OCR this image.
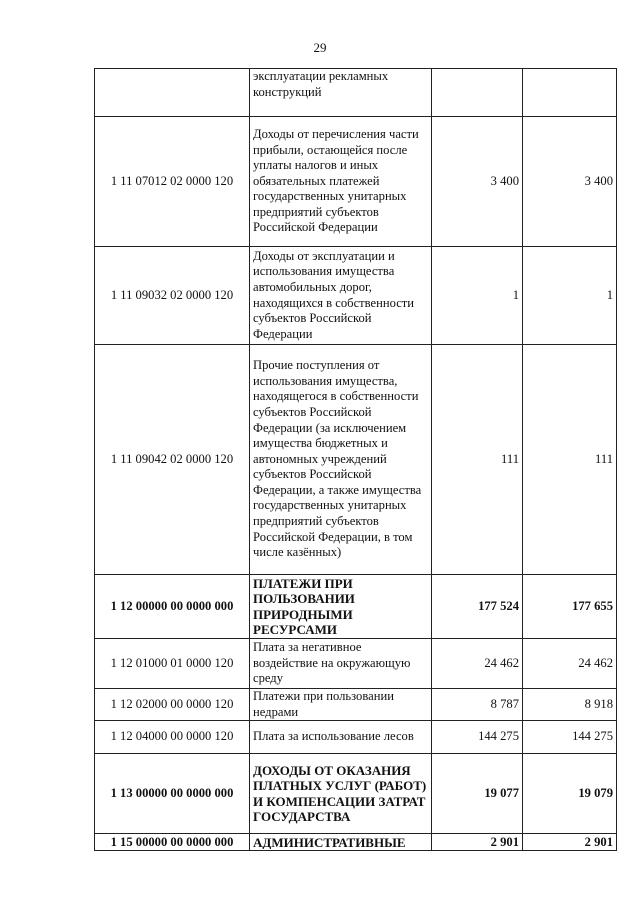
29
	эксплуатации рекламных конструкций		
1 11 07012 02 0000 120	Доходы от перечисления части прибыли, остающейся после уплаты налогов и иных обязательных платежей государственных унитарных предприятий субъектов Российской Федерации	3 400	3 400
1 11 09032 02 0000 120	Доходы от эксплуатации и использования имущества автомобильных дорог, находящихся в собственности субъектов Российской Федерации	1	1
1 11 09042 02 0000 120	Прочие поступления от использования имущества, находящегося в собственности субъектов Российской Федерации (за исключением имущества бюджетных и автономных учреждений субъектов Российской Федерации, а также имущества государственных унитарных предприятий субъектов Российской Федерации, в том числе казённых)	111	111
1 12 00000 00 0000 000	ПЛАТЕЖИ ПРИ ПОЛЬЗОВАНИИ ПРИРОДНЫМИ РЕСУРСАМИ	177 524	177 655
1 12 01000 01 0000 120	Плата за негативное воздействие на окружающую среду	24 462	24 462
1 12 02000 00 0000 120	Платежи при пользовании недрами	8 787	8 918
1 12 04000 00 0000 120	Плата за использование лесов	144 275	144 275
1 13 00000 00 0000 000	ДОХОДЫ ОТ ОКАЗАНИЯ ПЛАТНЫХ УСЛУГ (РАБОТ) И КОМПЕНСАЦИИ ЗАТРАТ ГОСУДАРСТВА	19 077	19 079

1 15 00000 00 0000 000	АДМИНИСТРАТИВНЫЕ	2 901	2 901
